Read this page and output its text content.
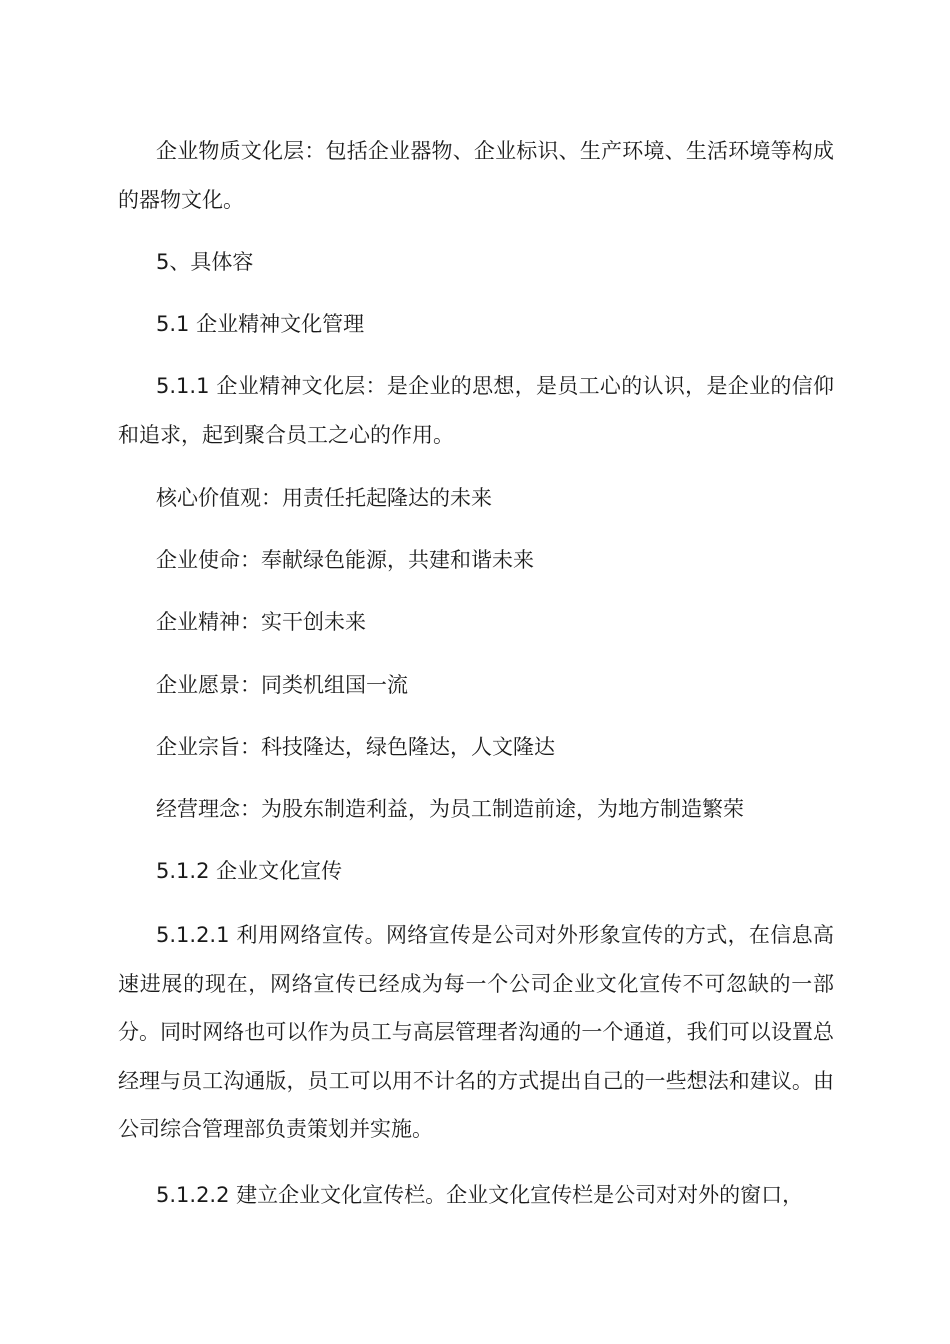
企业物质文化层：包括企业器物、企业标识、生产环境、生活环境等构成的器物文化。

5、具体容

5.1 企业精神文化管理

5.1.1 企业精神文化层：是企业的思想，是员工心的认识，是企业的信仰和追求，起到聚合员工之心的作用。

核心价值观：用责任托起隆达的未来

企业使命：奉献绿色能源，共建和谐未来

企业精神：实干创未来

企业愿景：同类机组国一流

企业宗旨：科技隆达，绿色隆达，人文隆达

经营理念：为股东制造利益，为员工制造前途，为地方制造繁荣

5.1.2 企业文化宣传

5.1.2.1 利用网络宣传。网络宣传是公司对外形象宣传的方式，在信息高速进展的现在，网络宣传已经成为每一个公司企业文化宣传不可忽缺的一部分。同时网络也可以作为员工与高层管理者沟通的一个通道，我们可以设置总经理与员工沟通版，员工可以用不计名的方式提出自己的一些想法和建议。由公司综合管理部负责策划并实施。

5.1.2.2 建立企业文化宣传栏。企业文化宣传栏是公司对对外的窗口，
